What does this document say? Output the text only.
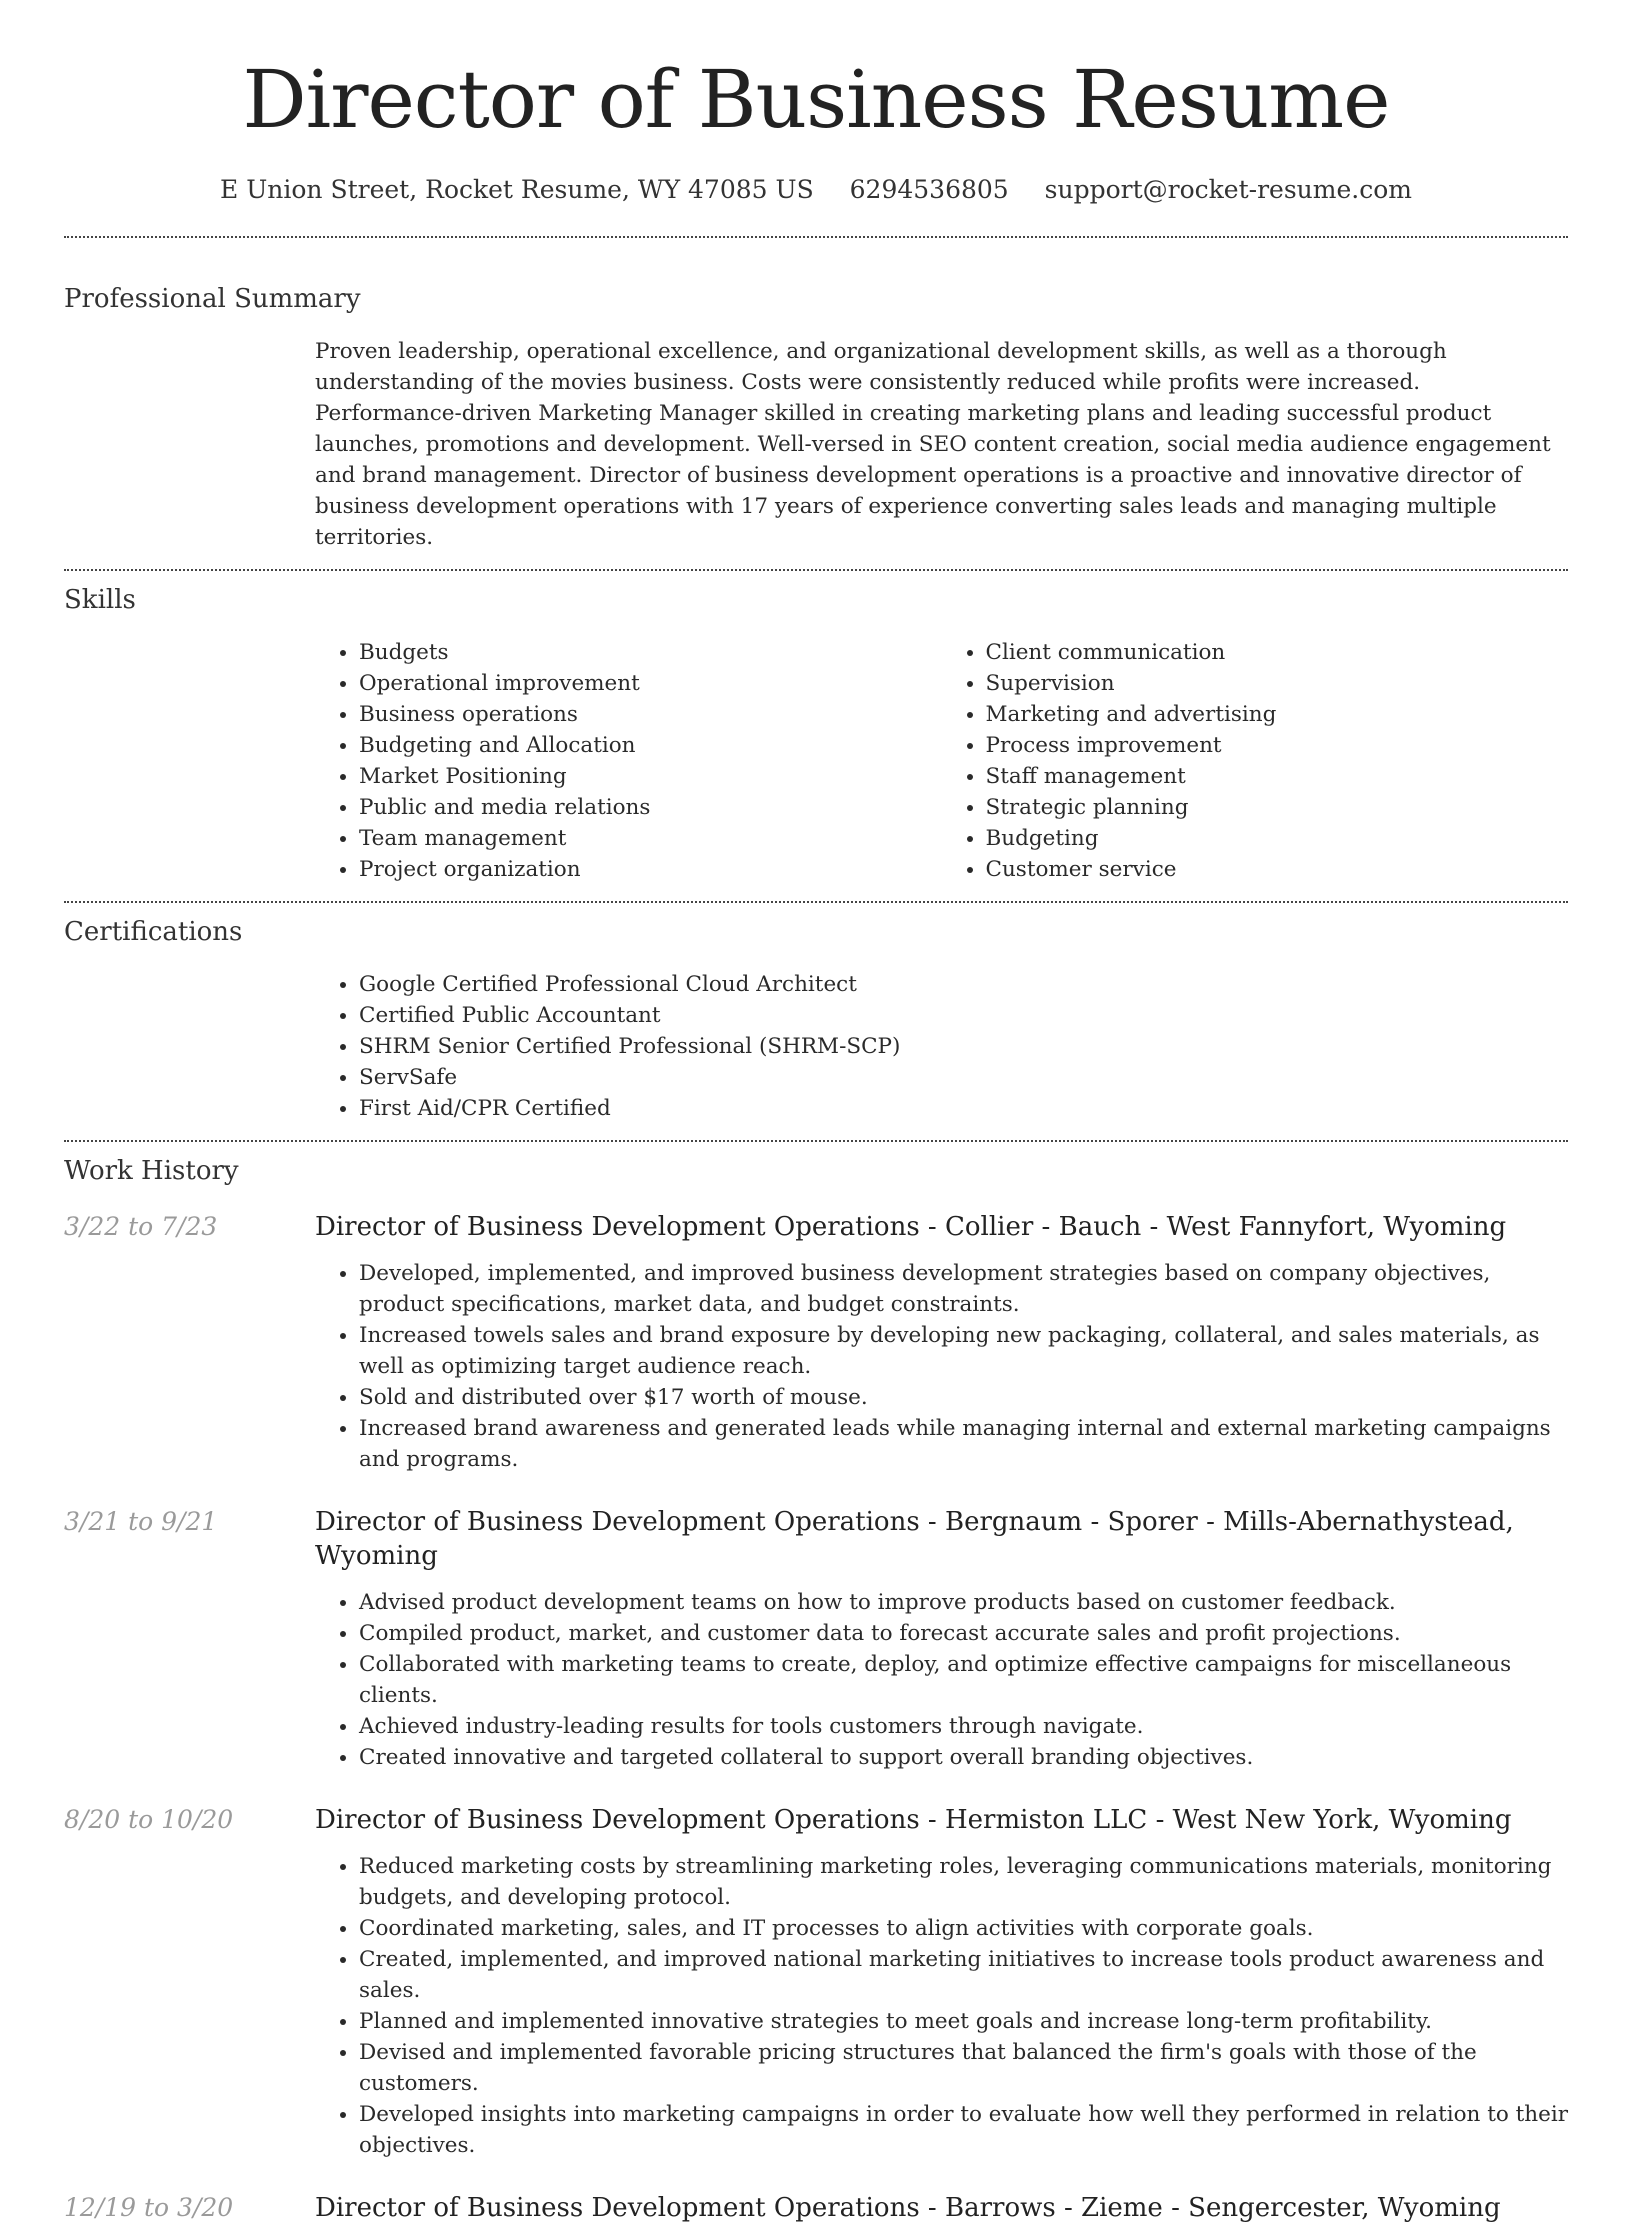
Director of Business Resume
E Union Street, Rocket Resume, WY 47085 US 6294536805 support@rocket-resume.com
Professional Summary
Proven leadership, operational excellence, and organizational development skills, as well as a thorough understanding of the movies business. Costs were consistently reduced while profits were increased. Performance-driven Marketing Manager skilled in creating marketing plans and leading successful product launches, promotions and development. Well-versed in SEO content creation, social media audience engagement and brand management. Director of business development operations is a proactive and innovative director of business development operations with 17 years of experience converting sales leads and managing multiple territories.
Skills
• Budgets
• Operational improvement
• Business operations
• Budgeting and Allocation
• Market Positioning
• Public and media relations
• Team management
• Project organization
• Client communication
• Supervision
• Marketing and advertising
• Process improvement
• Staff management
• Strategic planning
• Budgeting
• Customer service
Certifications
• Google Certified Professional Cloud Architect
• Certified Public Accountant
• SHRM Senior Certified Professional (SHRM-SCP)
• ServSafe
• First Aid/CPR Certified
Work History
3/22 to 7/23	Director of Business Development Operations - Collier - Bauch - West Fannyfort, Wyoming
• Developed, implemented, and improved business development strategies based on company objectives, product specifications, market data, and budget constraints.
• Increased towels sales and brand exposure by developing new packaging, collateral, and sales materials, as well as optimizing target audience reach.
• Sold and distributed over $17 worth of mouse.
• Increased brand awareness and generated leads while managing internal and external marketing campaigns and programs.
3/21 to 9/21	Director of Business Development Operations - Bergnaum - Sporer - Mills-Abernathystead, Wyoming
• Advised product development teams on how to improve products based on customer feedback.
• Compiled product, market, and customer data to forecast accurate sales and profit projections.
• Collaborated with marketing teams to create, deploy, and optimize effective campaigns for miscellaneous clients.
• Achieved industry-leading results for tools customers through navigate.
• Created innovative and targeted collateral to support overall branding objectives.
8/20 to 10/20	Director of Business Development Operations - Hermiston LLC - West New York, Wyoming
• Reduced marketing costs by streamlining marketing roles, leveraging communications materials, monitoring budgets, and developing protocol.
• Coordinated marketing, sales, and IT processes to align activities with corporate goals.
• Created, implemented, and improved national marketing initiatives to increase tools product awareness and sales.
• Planned and implemented innovative strategies to meet goals and increase long-term profitability.
• Devised and implemented favorable pricing structures that balanced the firm's goals with those of the customers.
• Developed insights into marketing campaigns in order to evaluate how well they performed in relation to their objectives.
12/19 to 3/20	Director of Business Development Operations - Barrows - Zieme - Sengercester, Wyoming
